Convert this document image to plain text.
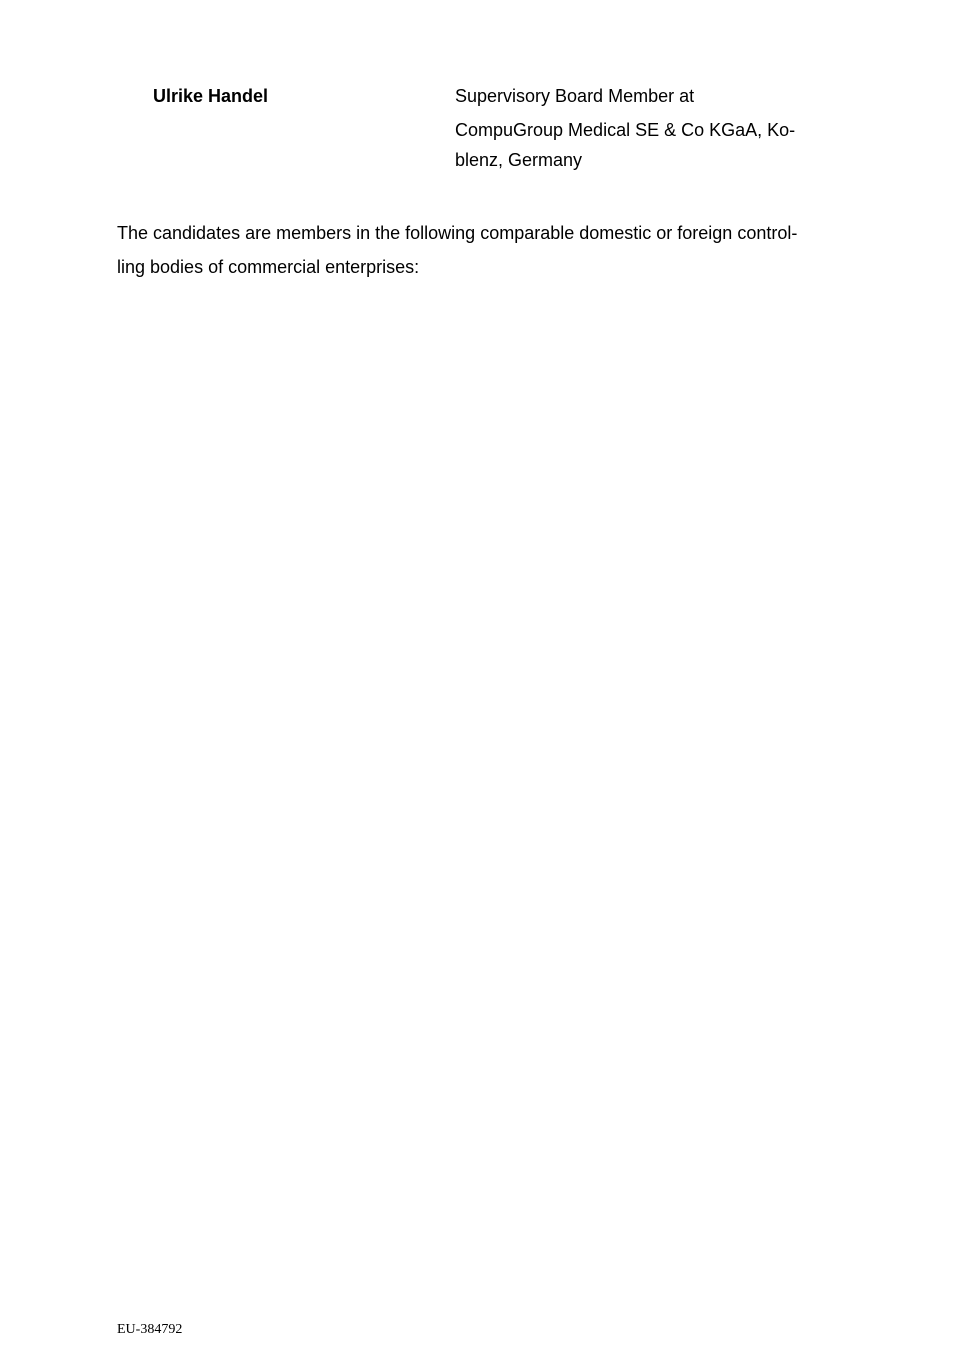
Ulrike Handel	Supervisory Board Member at
CompuGroup Medical SE & Co KGaA, Ko-
blenz, Germany
The candidates are members in the following comparable domestic or foreign control-
ling bodies of commercial enterprises:
EU-384792
